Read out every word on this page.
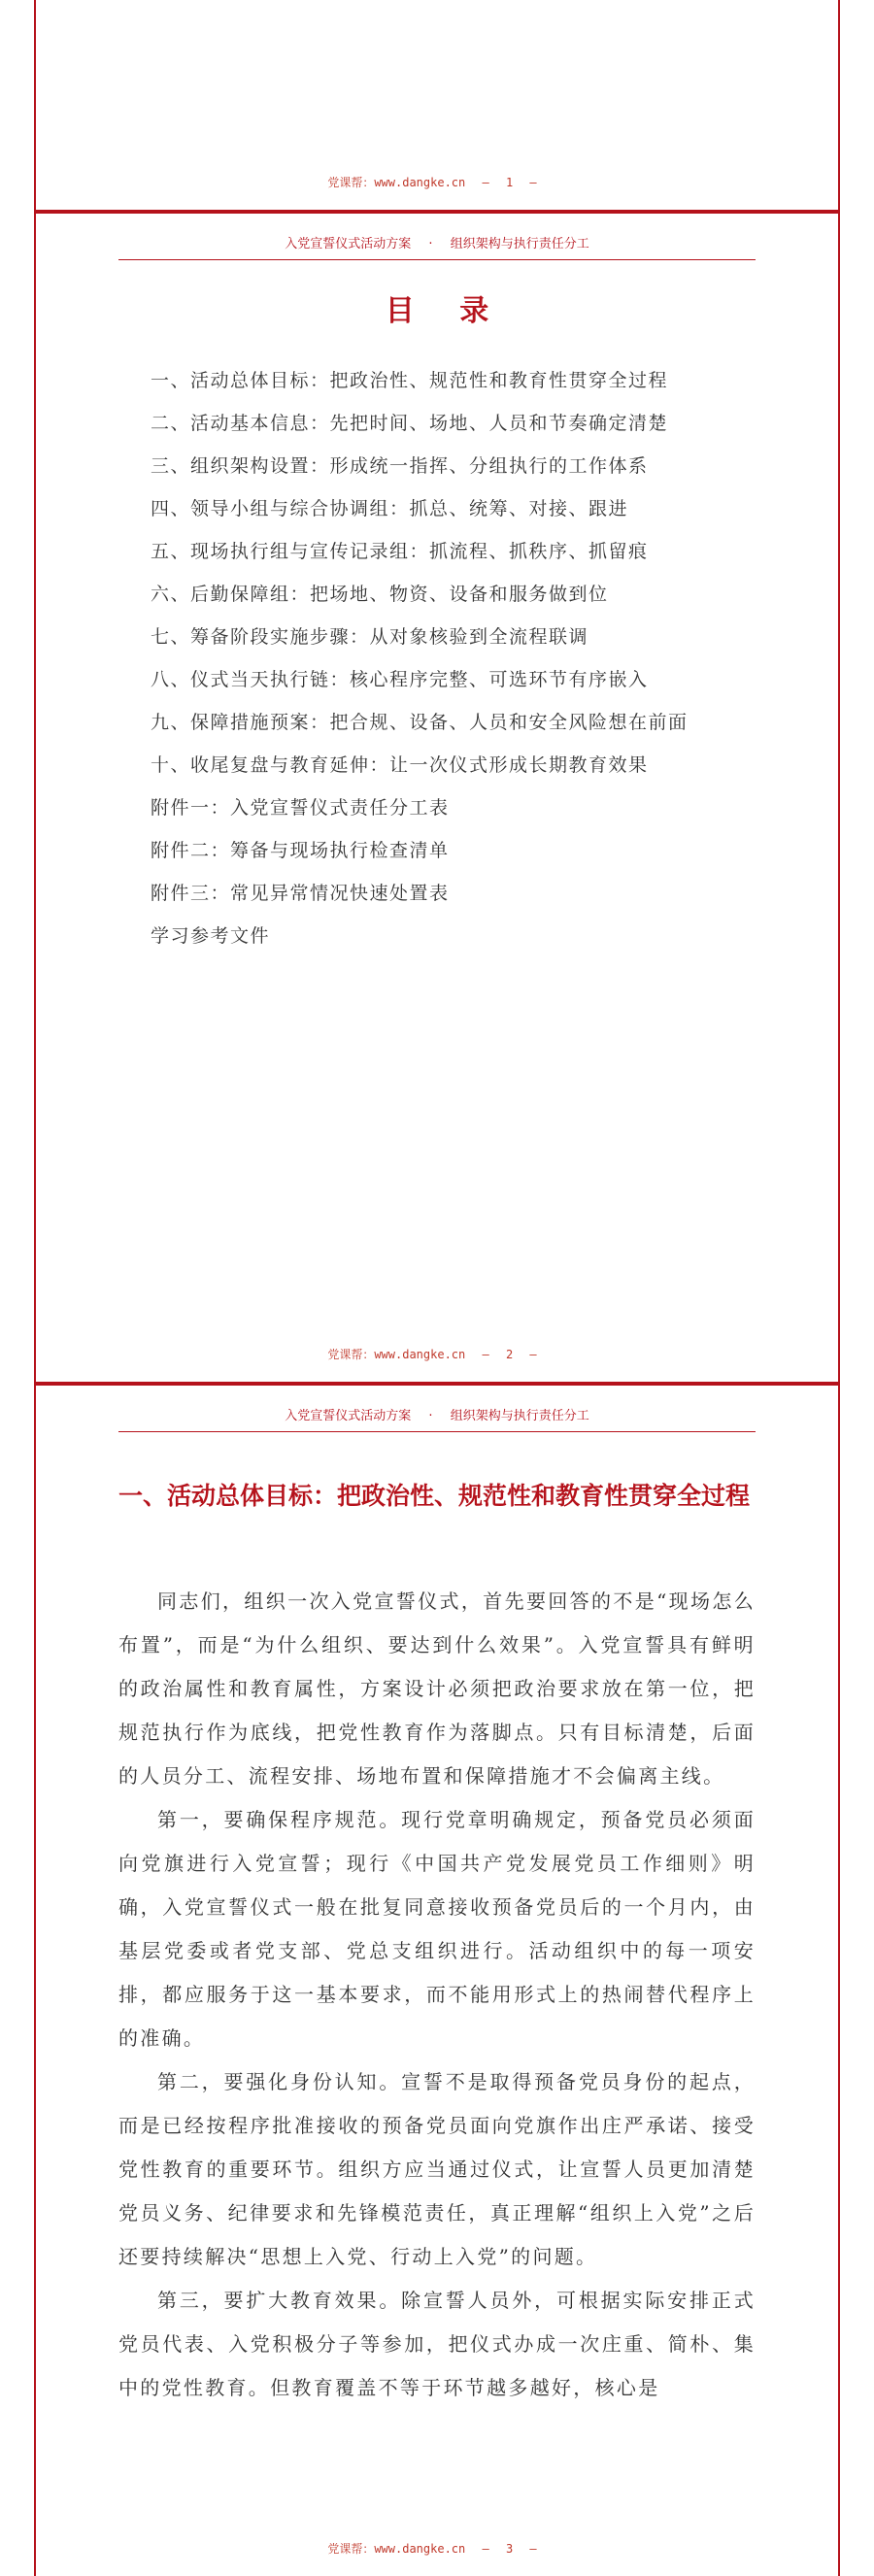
党课帮：www.dangke.cn — 1 —
入党宣誓仪式活动方案 · 组织架构与执行责任分工
目 录
一、活动总体目标：把政治性、规范性和教育性贯穿全过程
二、活动基本信息：先把时间、场地、人员和节奏确定清楚
三、组织架构设置：形成统一指挥、分组执行的工作体系
四、领导小组与综合协调组：抓总、统筹、对接、跟进
五、现场执行组与宣传记录组：抓流程、抓秩序、抓留痕
六、后勤保障组：把场地、物资、设备和服务做到位
七、筹备阶段实施步骤：从对象核验到全流程联调
八、仪式当天执行链：核心程序完整、可选环节有序嵌入
九、保障措施预案：把合规、设备、人员和安全风险想在前面
十、收尾复盘与教育延伸：让一次仪式形成长期教育效果
附件一：入党宣誓仪式责任分工表
附件二：筹备与现场执行检查清单
附件三：常见异常情况快速处置表
学习参考文件
党课帮：www.dangke.cn — 2 —
入党宣誓仪式活动方案 · 组织架构与执行责任分工
一、活动总体目标：把政治性、规范性和教育性贯穿全过程

同志们，组织一次入党宣誓仪式，首先要回答的不是“现场怎么布置”，而是“为什么组织、要达到什么效果”。入党宣誓具有鲜明的政治属性和教育属性，方案设计必须把政治要求放在第一位，把规范执行作为底线，把党性教育作为落脚点。只有目标清楚，后面的人员分工、流程安排、场地布置和保障措施才不会偏离主线。

第一，要确保程序规范。现行党章明确规定，预备党员必须面向党旗进行入党宣誓；现行《中国共产党发展党员工作细则》明确，入党宣誓仪式一般在批复同意接收预备党员后的一个月内，由基层党委或者党支部、党总支组织进行。活动组织中的每一项安排，都应服务于这一基本要求，而不能用形式上的热闹替代程序上的准确。

第二，要强化身份认知。宣誓不是取得预备党员身份的起点，而是已经按程序批准接收的预备党员面向党旗作出庄严承诺、接受党性教育的重要环节。组织方应当通过仪式，让宣誓人员更加清楚党员义务、纪律要求和先锋模范责任，真正理解“组织上入党”之后还要持续解决“思想上入党、行动上入党”的问题。

第三，要扩大教育效果。除宣誓人员外，可根据实际安排正式党员代表、入党积极分子等参加，把仪式办成一次庄重、简朴、集中的党性教育。但教育覆盖不等于环节越多越好，核心是

党课帮：www.dangke.cn — 3 —
